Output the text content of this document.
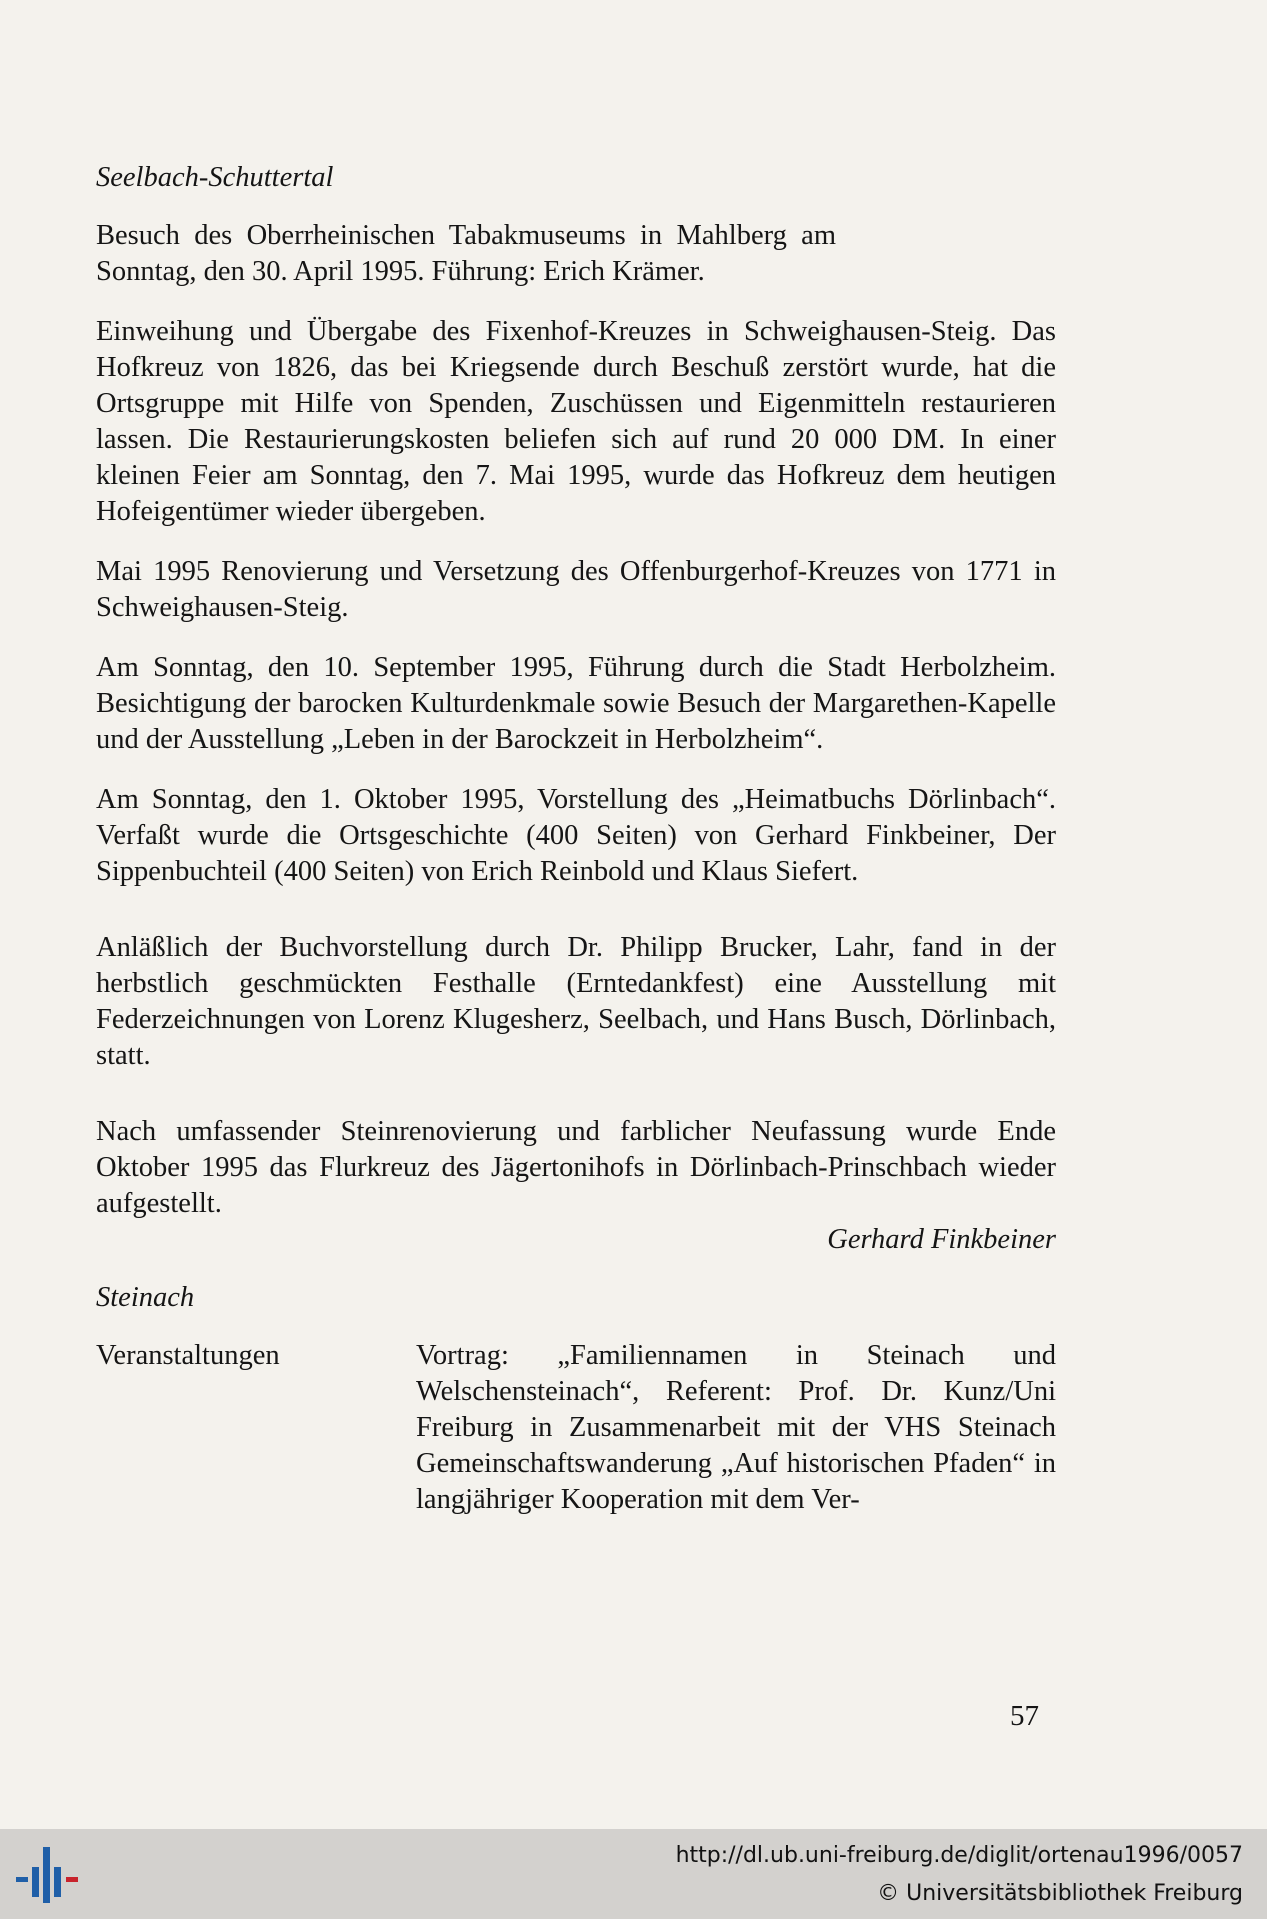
Seelbach-Schuttertal

Besuch des Oberrheinischen Tabakmuseums in Mahlberg am Sonntag, den 30. April 1995. Führung: Erich Krämer.

Einweihung und Übergabe des Fixenhof-Kreuzes in Schweighausen-Steig. Das Hofkreuz von 1826, das bei Kriegsende durch Beschuß zerstört wurde, hat die Ortsgruppe mit Hilfe von Spenden, Zuschüssen und Eigenmitteln restaurieren lassen. Die Restaurierungskosten beliefen sich auf rund 20 000 DM. In einer kleinen Feier am Sonntag, den 7. Mai 1995, wurde das Hofkreuz dem heutigen Hofeigentümer wieder übergeben.

Mai 1995 Renovierung und Versetzung des Offenburgerhof-Kreuzes von 1771 in Schweighausen-Steig.

Am Sonntag, den 10. September 1995, Führung durch die Stadt Herbolzheim. Besichtigung der barocken Kulturdenkmale sowie Besuch der Margarethen-Kapelle und der Ausstellung „Leben in der Barockzeit in Herbolzheim“.

Am Sonntag, den 1. Oktober 1995, Vorstellung des „Heimatbuchs Dörlinbach“. Verfaßt wurde die Ortsgeschichte (400 Seiten) von Gerhard Finkbeiner, Der Sippenbuchteil (400 Seiten) von Erich Reinbold und Klaus Siefert.

Anläßlich der Buchvorstellung durch Dr. Philipp Brucker, Lahr, fand in der herbstlich geschmückten Festhalle (Erntedankfest) eine Ausstellung mit Federzeichnungen von Lorenz Klugesherz, Seelbach, und Hans Busch, Dörlinbach, statt.

Nach umfassender Steinrenovierung und farblicher Neufassung wurde Ende Oktober 1995 das Flurkreuz des Jägertonihofs in Dörlinbach-Prinschbach wieder aufgestellt.

Gerhard Finkbeiner

Steinach

Veranstaltungen	Vortrag: „Familiennamen in Steinach und Welschensteinach“, Referent: Prof. Dr. Kunz/Uni Freiburg in Zusammenarbeit mit der VHS Steinach Gemeinschaftswanderung „Auf historischen Pfaden“ in langjähriger Kooperation mit dem Ver-
57
http://dl.ub.uni-freiburg.de/diglit/ortenau1996/0057
© Universitätsbibliothek Freiburg
